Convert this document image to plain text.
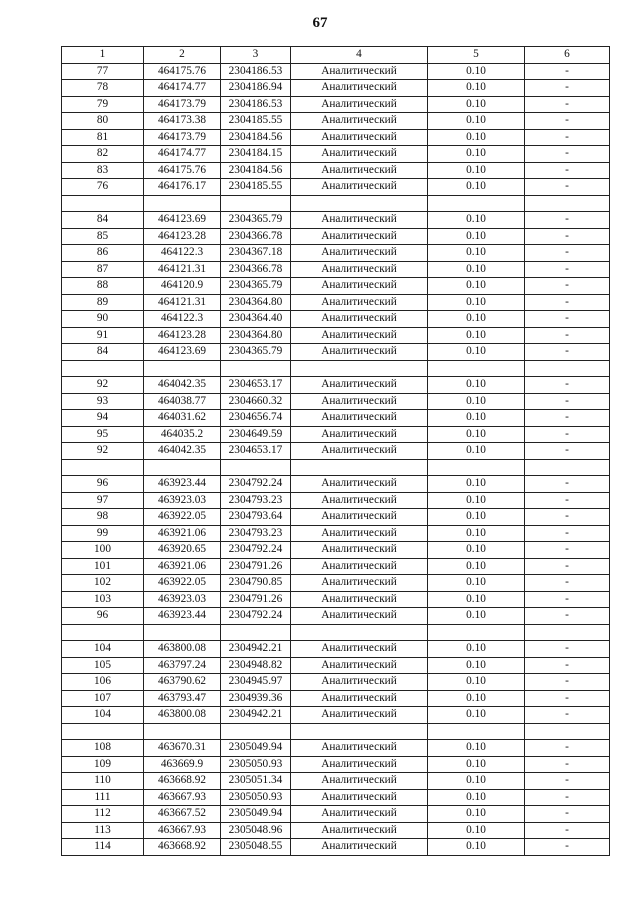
67
1	2	3	4	5	6
77	464175.76	2304186.53	Аналитический	0.10	-
78	464174.77	2304186.94	Аналитический	0.10	-
79	464173.79	2304186.53	Аналитический	0.10	-
80	464173.38	2304185.55	Аналитический	0.10	-
81	464173.79	2304184.56	Аналитический	0.10	-
82	464174.77	2304184.15	Аналитический	0.10	-
83	464175.76	2304184.56	Аналитический	0.10	-
76	464176.17	2304185.55	Аналитический	0.10	-

84	464123.69	2304365.79	Аналитический	0.10	-
85	464123.28	2304366.78	Аналитический	0.10	-
86	464122.3	2304367.18	Аналитический	0.10	-
87	464121.31	2304366.78	Аналитический	0.10	-
88	464120.9	2304365.79	Аналитический	0.10	-
89	464121.31	2304364.80	Аналитический	0.10	-
90	464122.3	2304364.40	Аналитический	0.10	-
91	464123.28	2304364.80	Аналитический	0.10	-
84	464123.69	2304365.79	Аналитический	0.10	-

92	464042.35	2304653.17	Аналитический	0.10	-
93	464038.77	2304660.32	Аналитический	0.10	-
94	464031.62	2304656.74	Аналитический	0.10	-
95	464035.2	2304649.59	Аналитический	0.10	-
92	464042.35	2304653.17	Аналитический	0.10	-

96	463923.44	2304792.24	Аналитический	0.10	-
97	463923.03	2304793.23	Аналитический	0.10	-
98	463922.05	2304793.64	Аналитический	0.10	-
99	463921.06	2304793.23	Аналитический	0.10	-
100	463920.65	2304792.24	Аналитический	0.10	-
101	463921.06	2304791.26	Аналитический	0.10	-
102	463922.05	2304790.85	Аналитический	0.10	-
103	463923.03	2304791.26	Аналитический	0.10	-
96	463923.44	2304792.24	Аналитический	0.10	-

104	463800.08	2304942.21	Аналитический	0.10	-
105	463797.24	2304948.82	Аналитический	0.10	-
106	463790.62	2304945.97	Аналитический	0.10	-
107	463793.47	2304939.36	Аналитический	0.10	-
104	463800.08	2304942.21	Аналитический	0.10	-

108	463670.31	2305049.94	Аналитический	0.10	-
109	463669.9	2305050.93	Аналитический	0.10	-
110	463668.92	2305051.34	Аналитический	0.10	-
111	463667.93	2305050.93	Аналитический	0.10	-
112	463667.52	2305049.94	Аналитический	0.10	-
113	463667.93	2305048.96	Аналитический	0.10	-
114	463668.92	2305048.55	Аналитический	0.10	-
